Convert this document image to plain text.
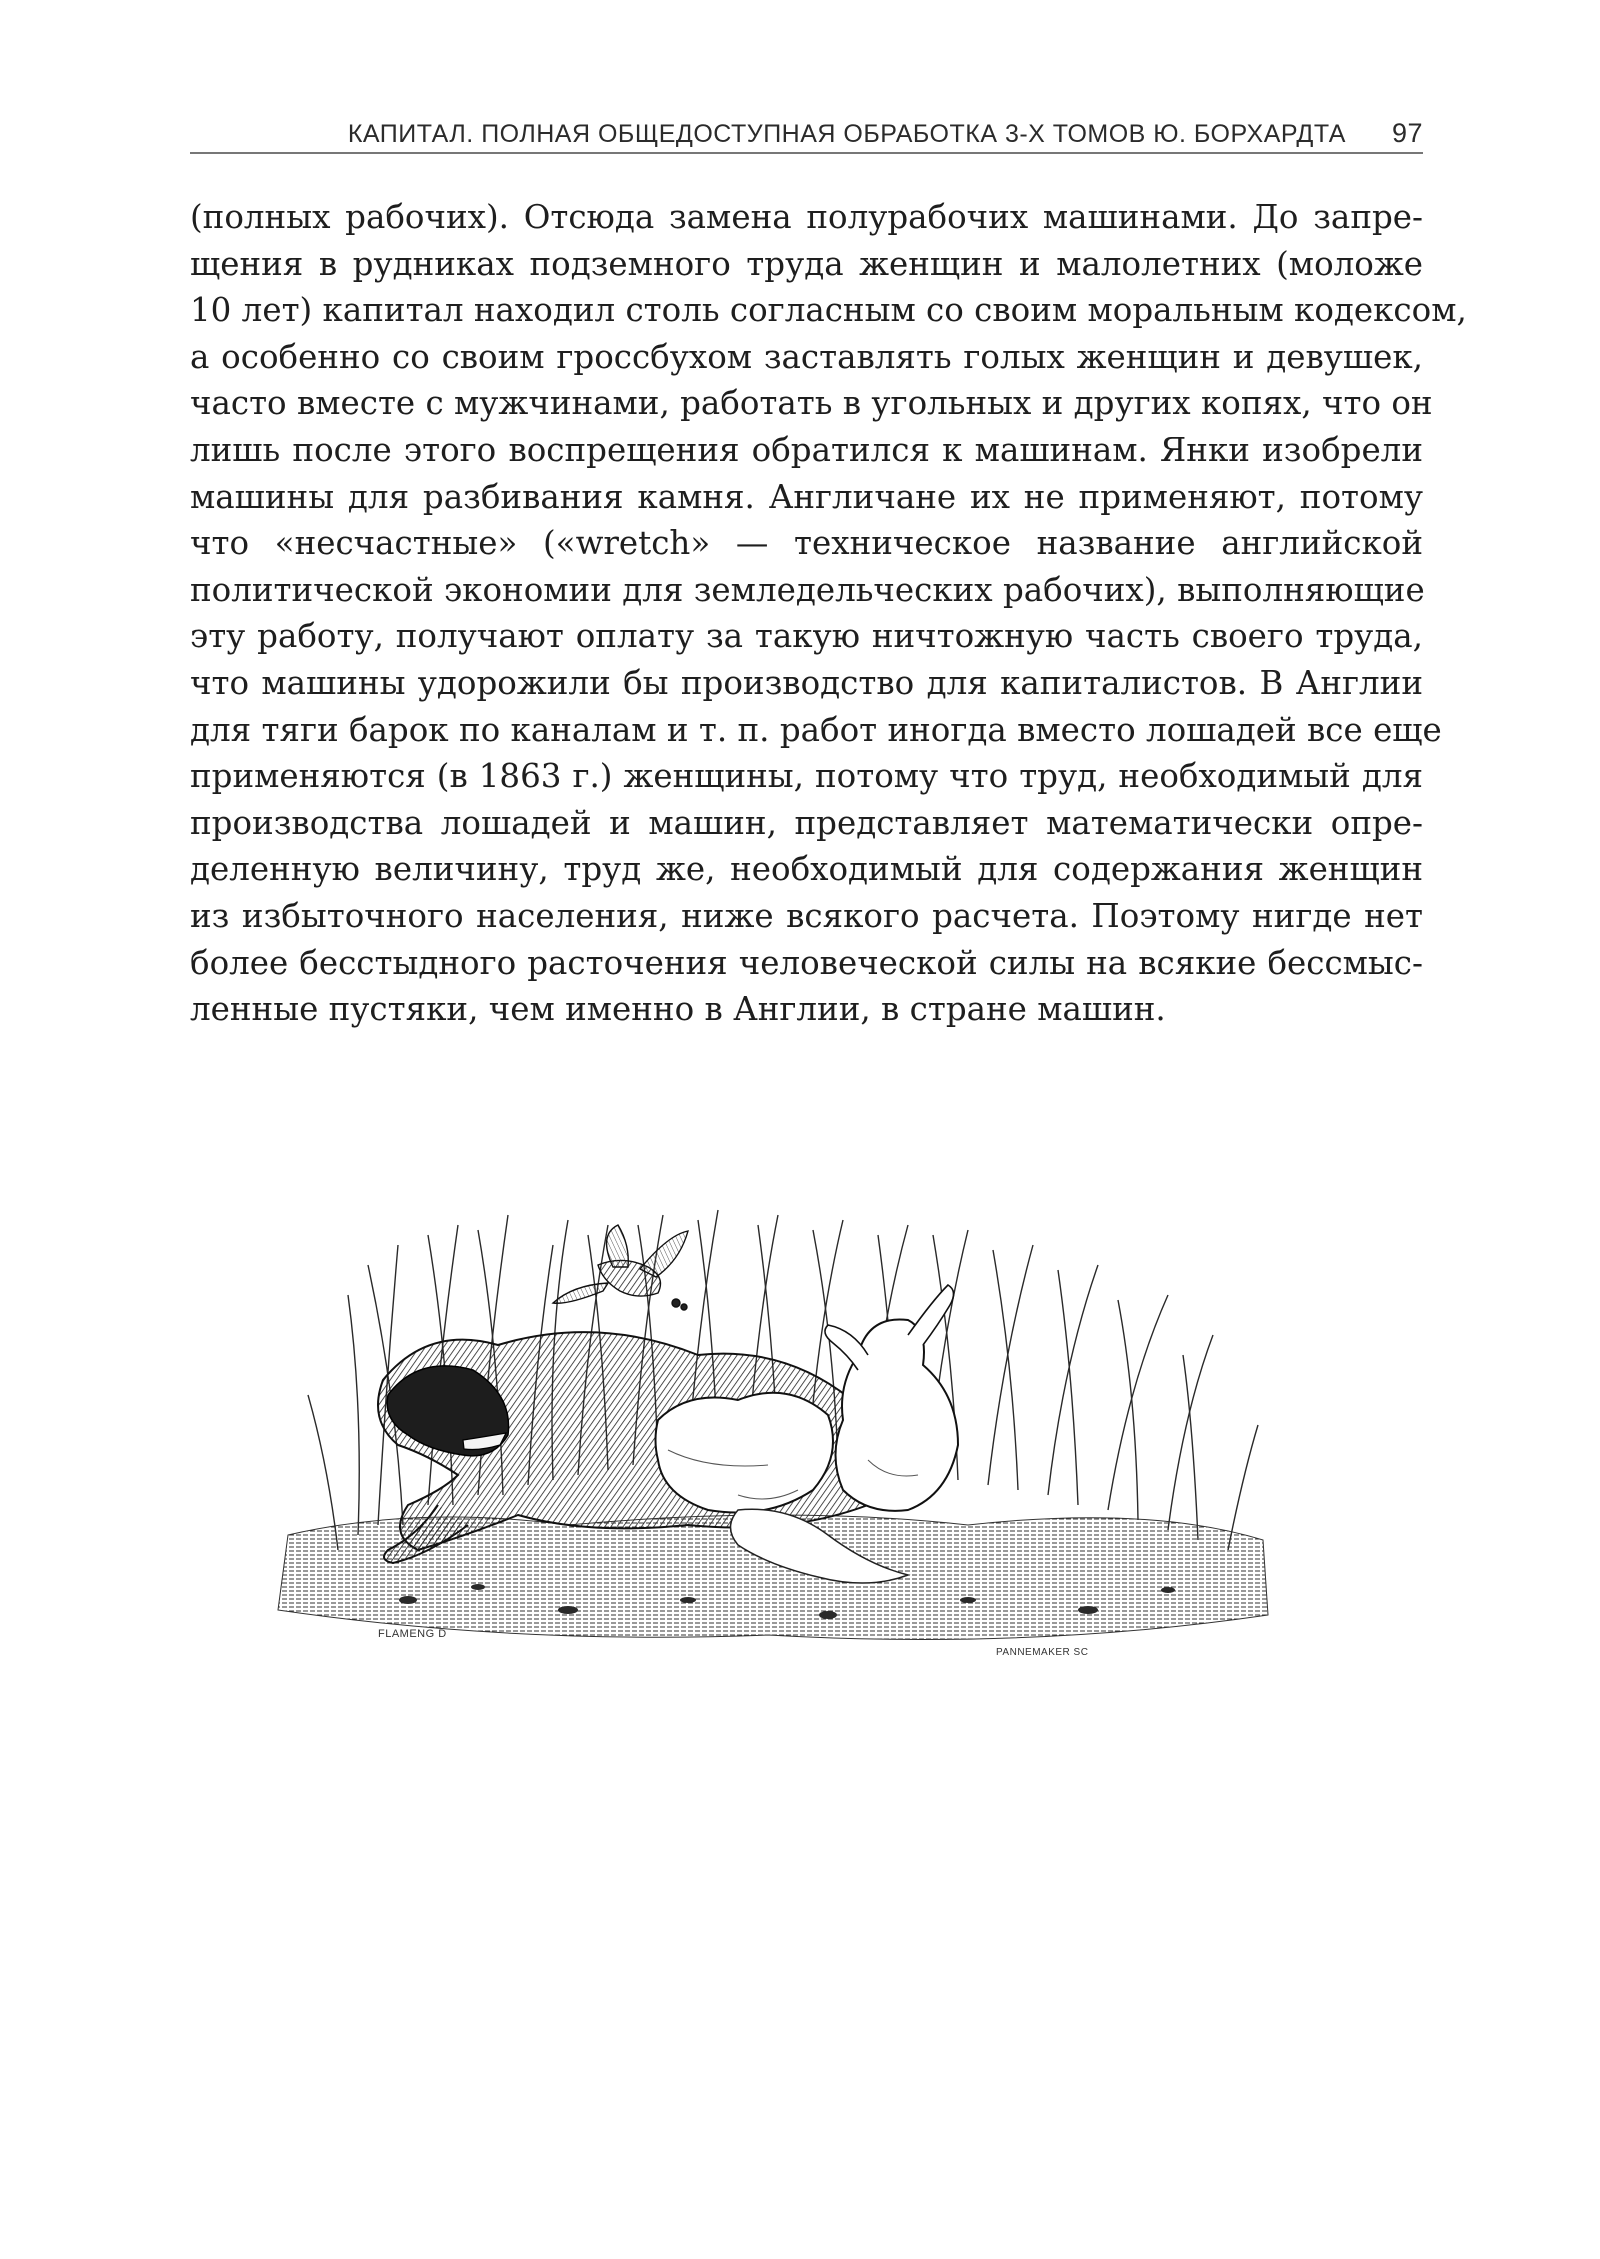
КАПИТАЛ. ПОЛНАЯ ОБЩЕДОСТУПНАЯ ОБРАБОТКА 3-Х ТОМОВ Ю. БОРХАРДТА 97
(полных рабочих). Отсюда замена полурабочих машинами. До запре-
щения в рудниках подземного труда женщин и малолетних (моложе
10 лет) капитал находил столь согласным со своим моральным кодексом,
а особенно со своим гроссбухом заставлять голых женщин и девушек,
часто вместе с мужчинами, работать в угольных и других копях, что он
лишь после этого воспрещения обратился к машинам. Янки изобрели
машины для разбивания камня. Англичане их не применяют, потому
что «несчастные» («wretch» — техническое название английской
политической экономии для земледельческих рабочих), выполняющие
эту работу, получают оплату за такую ничтожную часть своего труда,
что машины удорожили бы производство для капиталистов. В Англии
для тяги барок по каналам и т. п. работ иногда вместо лошадей все еще
применяются (в 1863 г.) женщины, потому что труд, необходимый для
производства лошадей и машин, представляет математически опре-
деленную величину, труд же, необходимый для содержания женщин
из избыточного населения, ниже всякого расчета. Поэтому нигде нет
более бесстыдного расточения человеческой силы на всякие бессмыс-
ленные пустяки, чем именно в Англии, в стране машин.
FLAMENG D
PANNEMAKER SC
